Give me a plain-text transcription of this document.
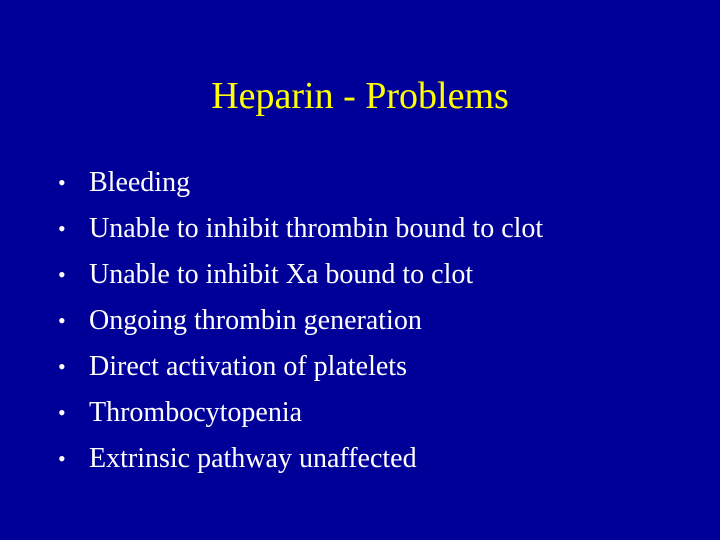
Heparin - Problems
• Bleeding
• Unable to inhibit thrombin bound to clot
• Unable to inhibit Xa bound to clot
• Ongoing thrombin generation
• Direct activation of platelets
• Thrombocytopenia
• Extrinsic pathway unaffected
